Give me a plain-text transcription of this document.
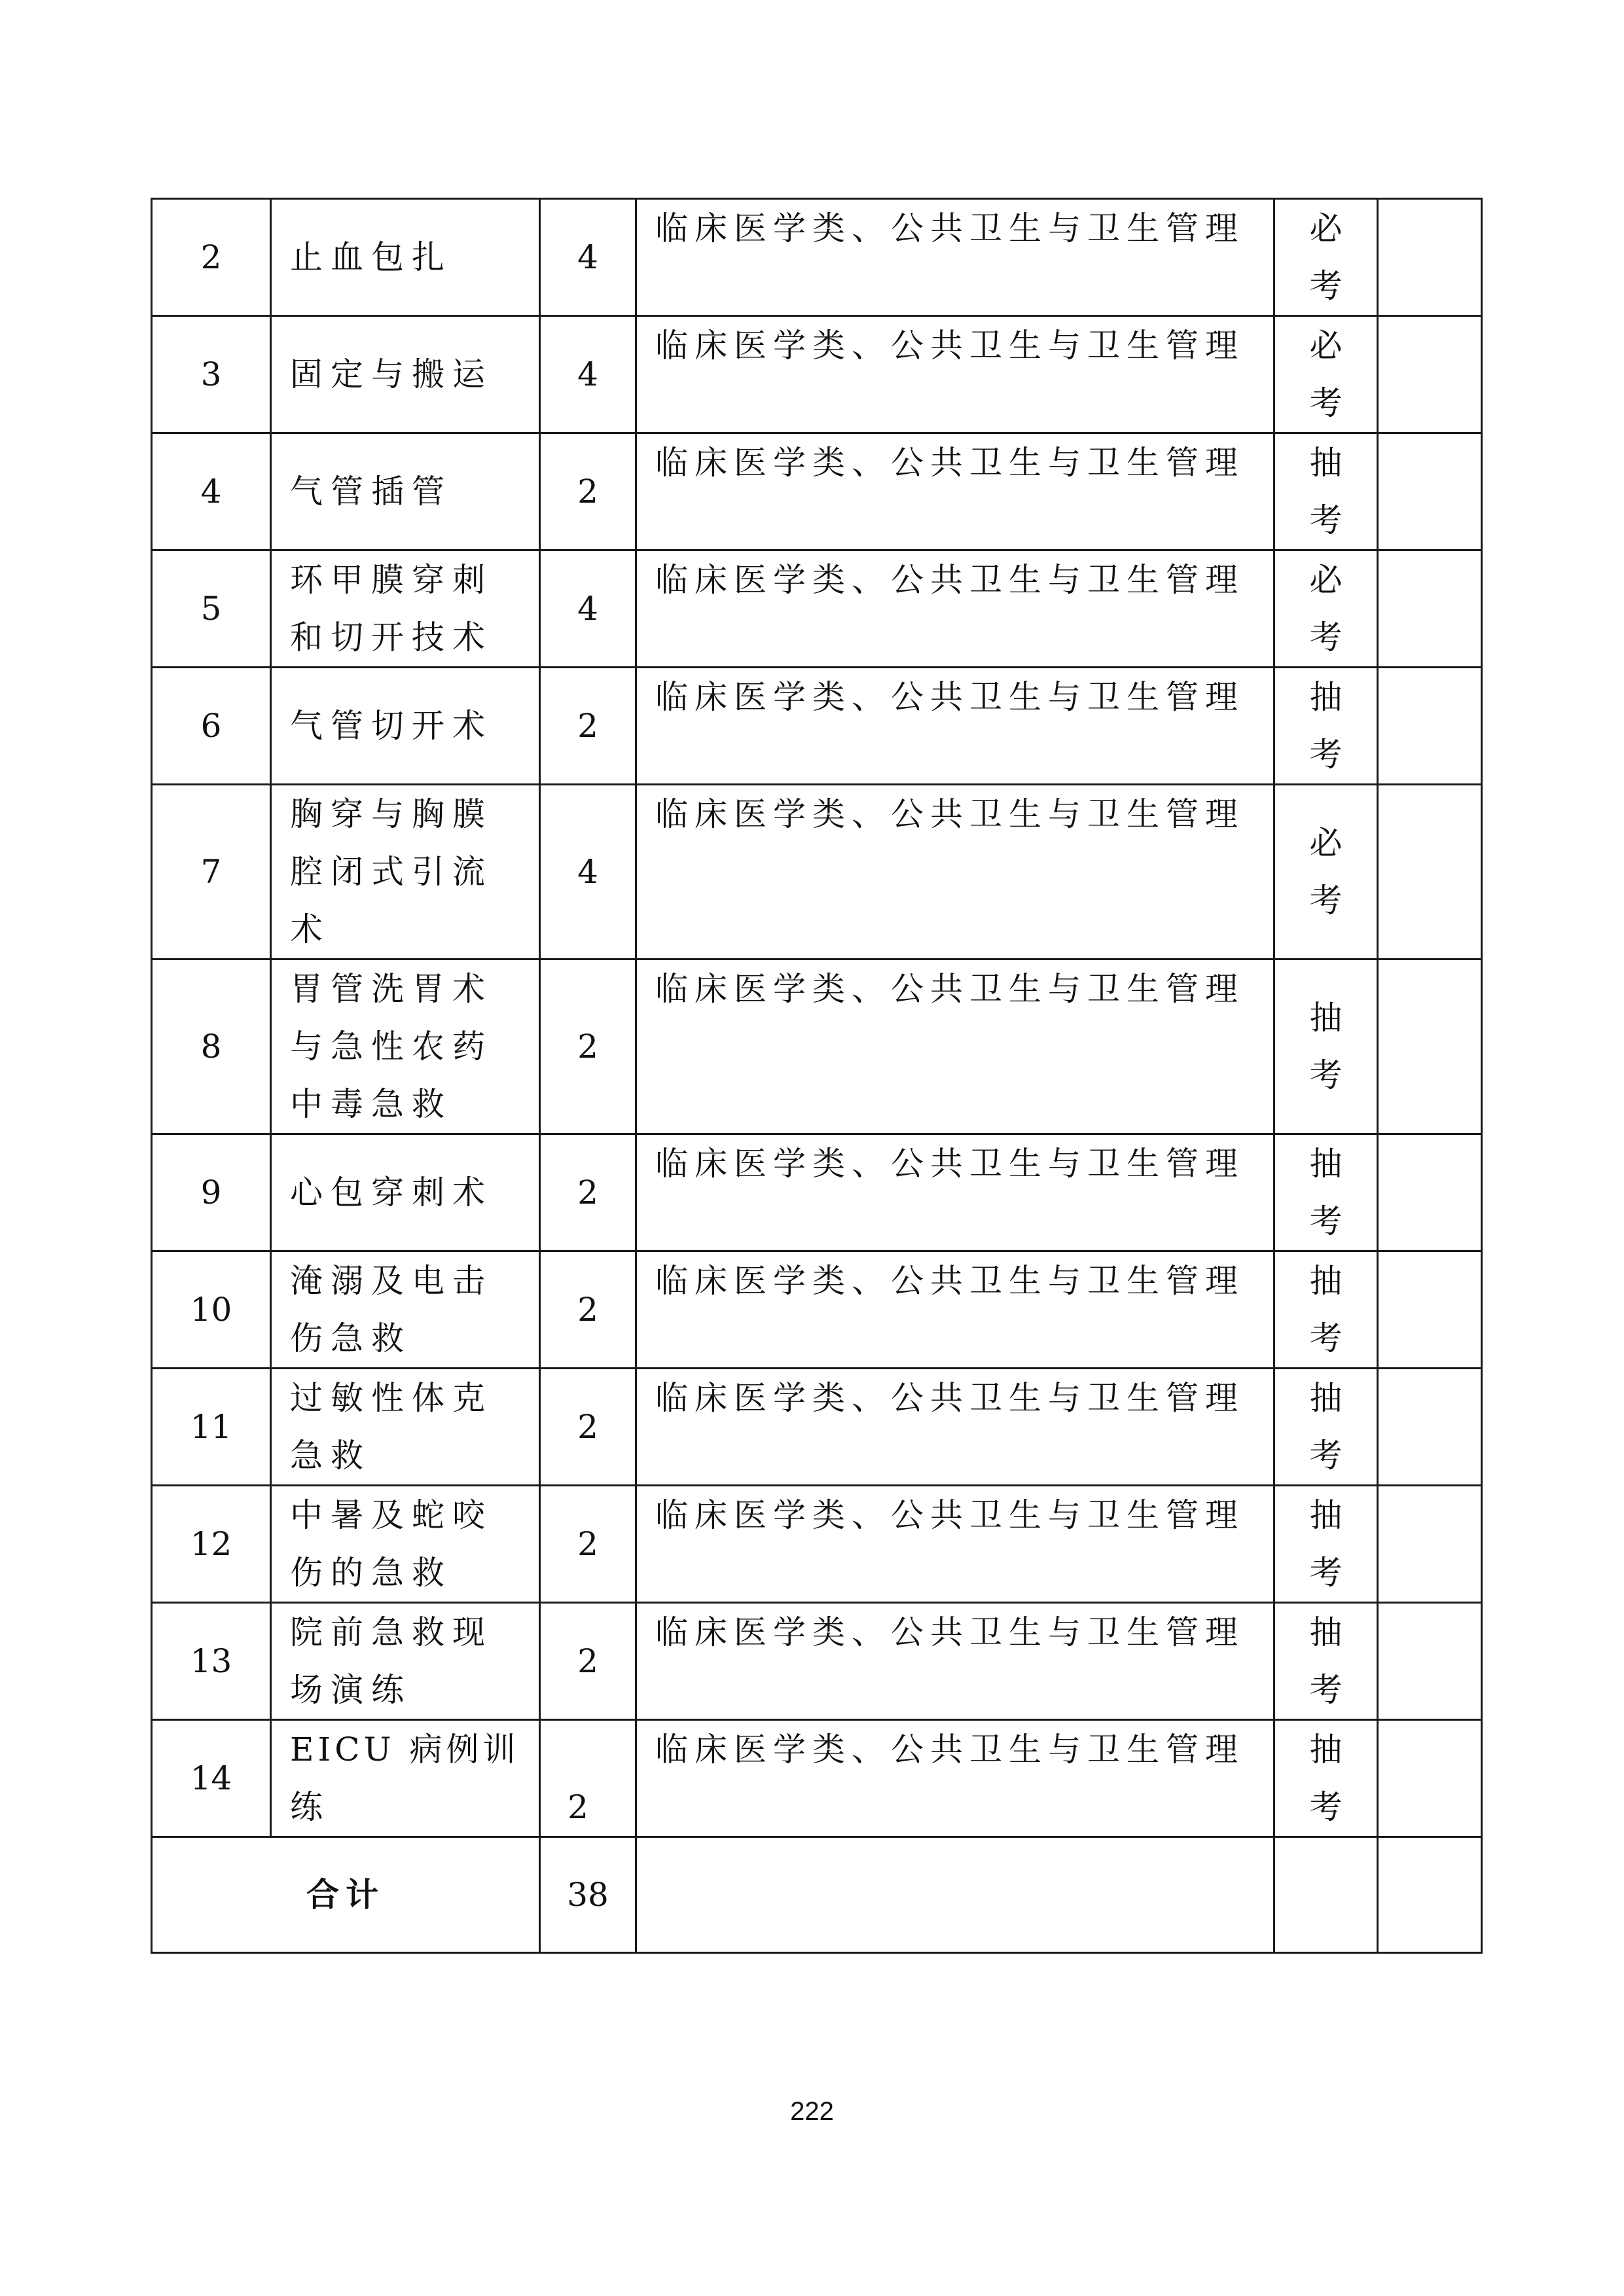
2	止血包扎	4	临床医学类、公共卫生与卫生管理	必考	
3	固定与搬运	4	临床医学类、公共卫生与卫生管理	必考	
4	气管插管	2	临床医学类、公共卫生与卫生管理	抽考	
5	环甲膜穿刺和切开技术	4	临床医学类、公共卫生与卫生管理	必考	
6	气管切开术	2	临床医学类、公共卫生与卫生管理	抽考	
7	胸穿与胸膜腔闭式引流术	4	临床医学类、公共卫生与卫生管理	必考	
8	胃管洗胃术与急性农药中毒急救	2	临床医学类、公共卫生与卫生管理	抽考	
9	心包穿刺术	2	临床医学类、公共卫生与卫生管理	抽考	
10	淹溺及电击伤急救	2	临床医学类、公共卫生与卫生管理	抽考	
11	过敏性体克急救	2	临床医学类、公共卫生与卫生管理	抽考	
12	中暑及蛇咬伤的急救	2	临床医学类、公共卫生与卫生管理	抽考	
13	院前急救现场演练	2	临床医学类、公共卫生与卫生管理	抽考	
14	EICU 病例训练	2	临床医学类、公共卫生与卫生管理	抽考	
合计		38			
222
